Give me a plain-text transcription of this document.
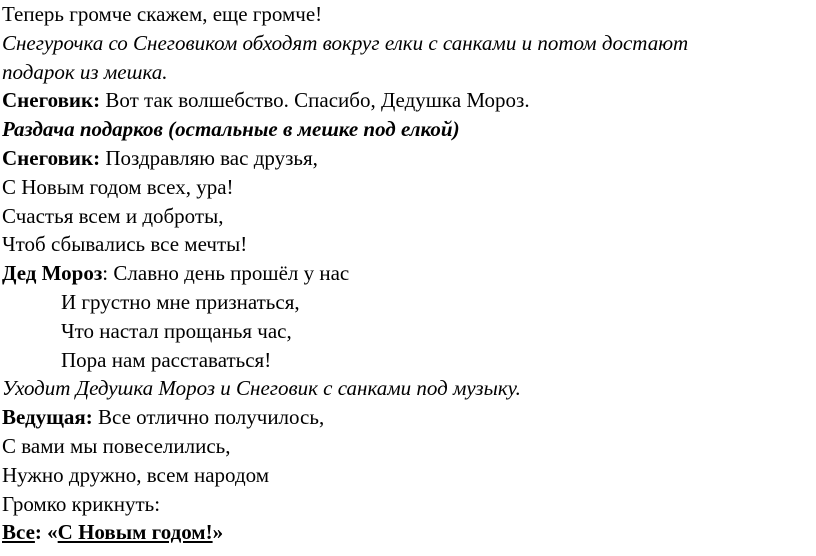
Теперь громче скажем, еще громче!
Снегурочка со Снеговиком обходят вокруг елки с санками и потом достают
подарок из мешка.
Снеговик: Вот так волшебство. Спасибо, Дедушка Мороз.
Раздача подарков (остальные в мешке под елкой)
Снеговик: Поздравляю вас друзья,
С Новым годом всех, ура!
Счастья всем и доброты,
Чтоб сбывались все мечты!
Дед Мороз: Славно день прошёл у нас
И грустно мне признаться,
Что настал прощанья час,
Пора нам расставаться!
Уходит Дедушка Мороз и Снеговик с санками под музыку.
Ведущая: Все отлично получилось,
С вами мы повеселились,
Нужно дружно, всем народом
Громко крикнуть:
Все: «С Новым годом!»
